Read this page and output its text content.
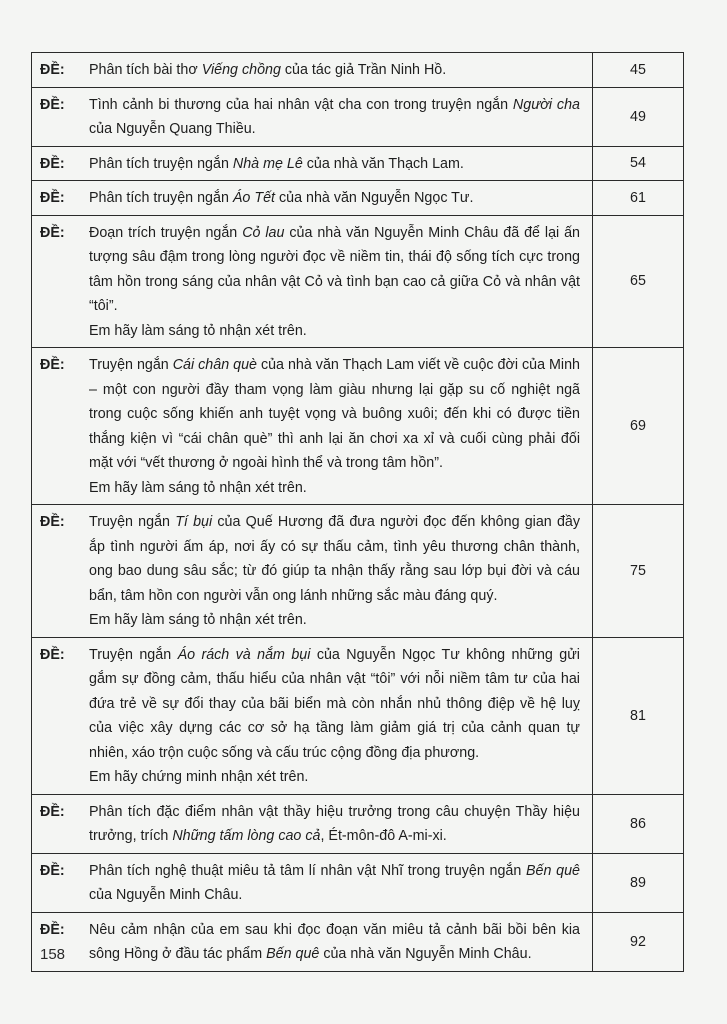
ĐỀ: Phân tích bài thơ Viếng chồng của tác giả Trần Ninh Hồ.	45

ĐỀ: Tình cảnh bi thương của hai nhân vật cha con trong truyện ngắn Người cha của Nguyễn Quang Thiều.	49

ĐỀ: Phân tích truyện ngắn Nhà mẹ Lê của nhà văn Thạch Lam.	54

ĐỀ: Phân tích truyện ngắn Áo Tết của nhà văn Nguyễn Ngọc Tư.	61

ĐỀ: Đoạn trích truyện ngắn Cỏ lau của nhà văn Nguyễn Minh Châu đã để lại ấn tượng sâu đậm trong lòng người đọc về niềm tin, thái độ sống tích cực trong tâm hồn trong sáng của nhân vật Cỏ và tình bạn cao cả giữa Cỏ và nhân vật “tôi”.
Em hãy làm sáng tỏ nhận xét trên.	65

ĐỀ: Truyện ngắn Cái chân què của nhà văn Thạch Lam viết về cuộc đời của Minh – một con người đầy tham vọng làm giàu nhưng lại gặp su cố nghiệt ngã trong cuộc sống khiến anh tuyệt vọng và buông xuôi; đến khi có được tiền thắng kiện vì “cái chân què” thì anh lại ăn chơi xa xỉ và cuối cùng phải đối mặt với “vết thương ở ngoài hình thể và trong tâm hồn”.
Em hãy làm sáng tỏ nhận xét trên.	69

ĐỀ: Truyện ngắn Tí bụi của Quế Hương đã đưa người đọc đến không gian đầy ắp tình người ấm áp, nơi ấy có sự thấu cảm, tình yêu thương chân thành, ong bao dung sâu sắc; từ đó giúp ta nhận thấy rằng sau lớp bụi đời và cáu bẩn, tâm hồn con người vẫn ong lánh những sắc màu đáng quý.
Em hãy làm sáng tỏ nhận xét trên.	75

ĐỀ: Truyện ngắn Áo rách và nắm bụi của Nguyễn Ngọc Tư không những gửi gắm sự đồng cảm, thấu hiểu của nhân vật “tôi” với nỗi niềm tâm tư của hai đứa trẻ về sự đổi thay của bãi biển mà còn nhắn nhủ thông điệp về hệ luỵ của việc xây dựng các cơ sở hạ tầng làm giảm giá trị của cảnh quan tự nhiên, xáo trộn cuộc sống và cấu trúc cộng đồng địa phương.
Em hãy chứng minh nhận xét trên.	81

ĐỀ: Phân tích đặc điểm nhân vật thầy hiệu trưởng trong câu chuyện Thầy hiệu trưởng, trích Những tấm lòng cao cả, Ét-môn-đô A-mi-xi.	86

ĐỀ: Phân tích nghệ thuật miêu tả tâm lí nhân vật Nhĩ trong truyện ngắn Bến quê của Nguyễn Minh Châu.	89

ĐỀ: Nêu cảm nhận của em sau khi đọc đoạn văn miêu tả cảnh bãi bồi bên kia sông Hồng ở đầu tác phẩm Bến quê của nhà văn Nguyễn Minh Châu.	92
158
